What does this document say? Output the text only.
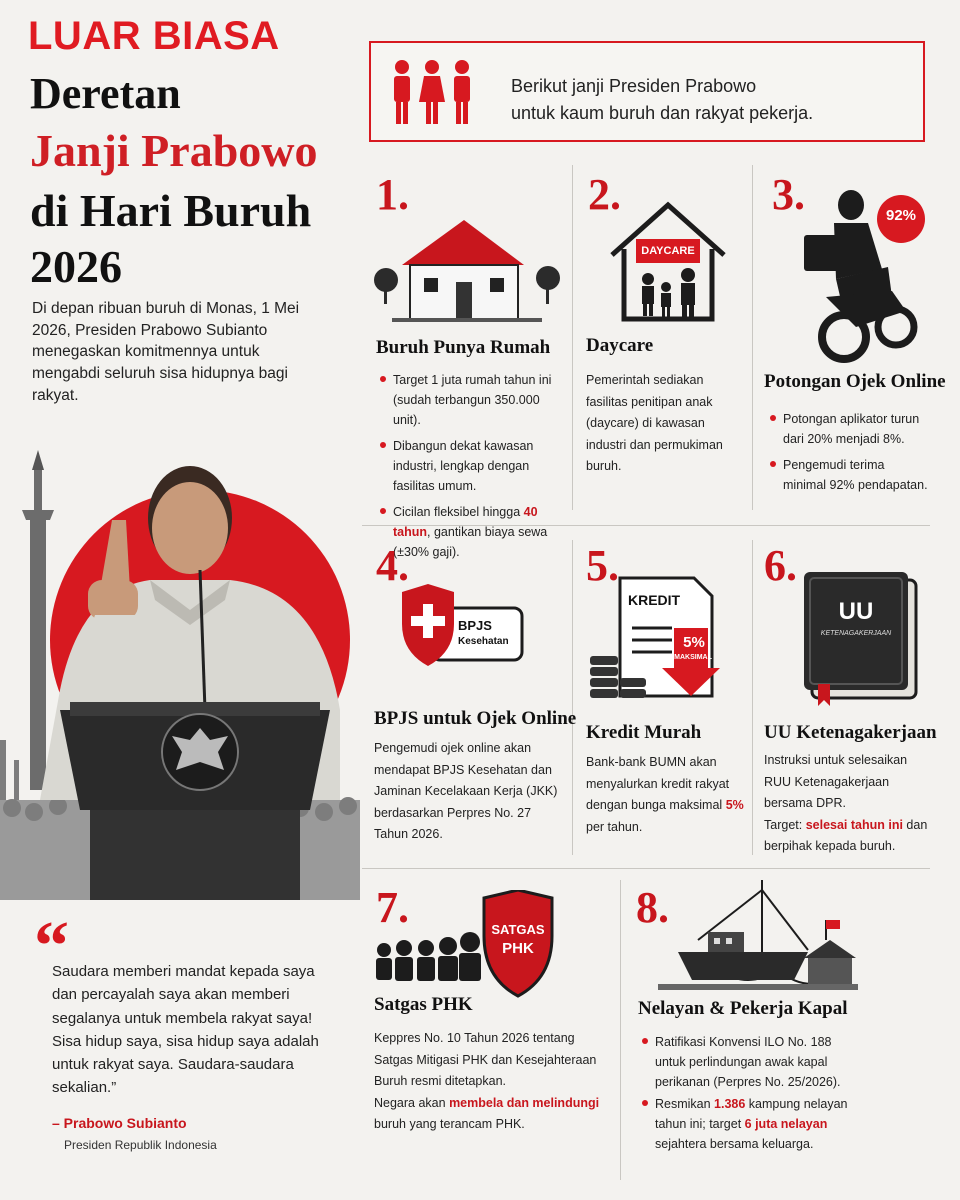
LUAR BIASA
Deretan
Janji Prabowo
di Hari Buruh
2026
Di depan ribuan buruh di Monas, 1 Mei 2026, Presiden Prabowo Subianto menegaskan komitmennya untuk mengabdi seluruh sisa hidupnya bagi rakyat.
“
Saudara memberi mandat kepada saya dan percayalah saya akan memberi segalanya untuk membela rakyat saya! Sisa hidup saya, sisa hidup saya adalah untuk rakyat saya. Saudara-saudara sekalian.”
– Prabowo Subianto
Presiden Republik Indonesia
Berikut janji Presiden Prabowo
untuk kaum buruh dan rakyat pekerja.
1.
Buruh Punya Rumah
Target 1 juta rumah tahun ini (sudah terbangun 350.000 unit).
Dibangun dekat kawasan industri, lengkap dengan fasilitas umum.
Cicilan fleksibel hingga 40 tahun, gantikan biaya sewa (±30% gaji).
2.
DAYCARE
Daycare
Pemerintah sediakan fasilitas penitipan anak (daycare) di kawasan industri dan permukiman buruh.
3.	92%
Potongan Ojek Online
Potongan aplikator turun dari 20% menjadi 8%.
Pengemudi terima minimal 92% pendapatan.
4.
BPJS
Kesehatan
BPJS untuk Ojek Online
Pengemudi ojek online akan mendapat BPJS Kesehatan dan Jaminan Kecelakaan Kerja (JKK) berdasarkan Perpres No. 27 Tahun 2026.
5.
KREDIT
5%
MAKSIMAL
Kredit Murah
Bank-bank BUMN akan menyalurkan kredit rakyat dengan bunga maksimal 5% per tahun.
6.
UU
KETENAGAKERJAAN
UU Ketenagakerjaan
Instruksi untuk selesaikan RUU Ketenagakerjaan bersama DPR.
Target: selesai tahun ini dan berpihak kepada buruh.
7.	SATGAS
PHK
Satgas PHK
Keppres No. 10 Tahun 2026 tentang Satgas Mitigasi PHK dan Kesejahteraan Buruh resmi ditetapkan.
Negara akan membela dan melindungi buruh yang terancam PHK.
8.
Nelayan & Pekerja Kapal
Ratifikasi Konvensi ILO No. 188 untuk perlindungan awak kapal perikanan (Perpres No. 25/2026).
Resmikan 1.386 kampung nelayan tahun ini; target 6 juta nelayan sejahtera bersama keluarga.
